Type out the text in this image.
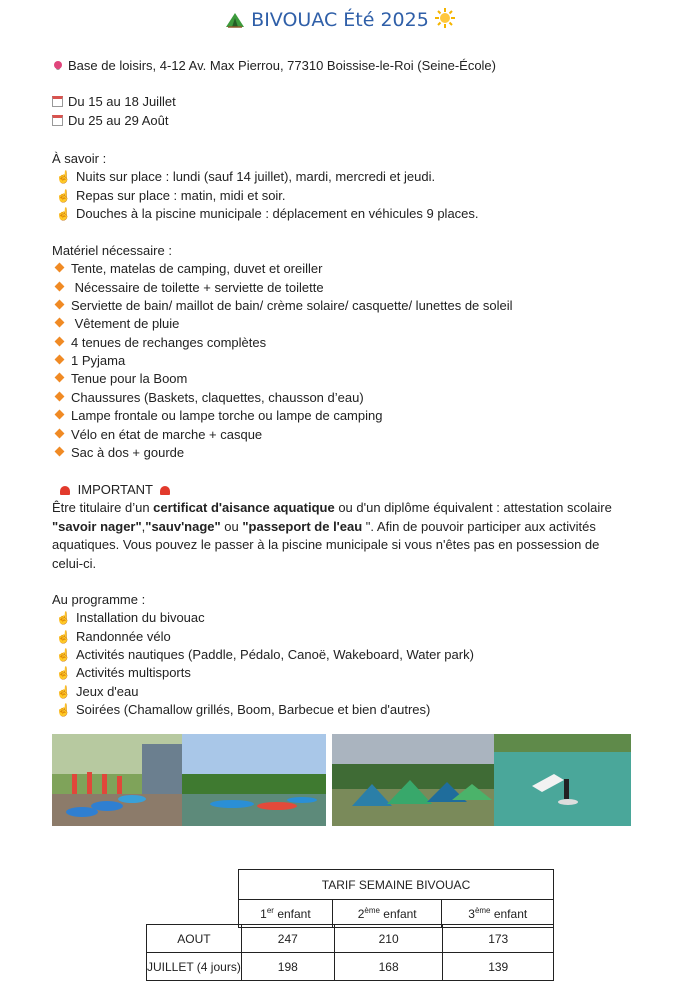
BIVOUAC Été 2025
Base de loisirs, 4-12 Av. Max Pierrou, 77310 Boissise-le-Roi (Seine-École)
Du 15 au 18 Juillet
Du 25 au 29 Août
À savoir :
☝ Nuits sur place : lundi (sauf 14 juillet), mardi, mercredi et jeudi.
☝ Repas sur place : matin, midi et soir.
☝ Douches à la piscine municipale : déplacement en véhicules 9 places.
Matériel nécessaire :
Tente, matelas de camping, duvet et oreiller
Nécessaire de toilette + serviette de toilette
Serviette de bain/ maillot de bain/ crème solaire/ casquette/ lunettes de soleil
Vêtement de pluie
4 tenues de rechanges complètes
1 Pyjama
Tenue pour la Boom
Chaussures (Baskets, claquettes, chausson d’eau)
Lampe frontale ou lampe torche ou lampe de camping
Vélo en état de marche + casque
Sac à dos + gourde
IMPORTANT
Être titulaire d’un certificat d'aisance aquatique ou d'un diplôme équivalent : attestation scolaire "savoir nager","sauv'nage" ou "passeport de l'eau ". Afin de pouvoir participer aux activités aquatiques. Vous pouvez le passer à la piscine municipale si vous n'êtes pas en possession de celui-ci.
Au programme :
☝ Installation du bivouac
☝ Randonnée vélo
☝ Activités nautiques (Paddle, Pédalo, Canoë, Wakeboard, Water park)
☝ Activités multisports
☝ Jeux d'eau
☝ Soirées (Chamallow grillés, Boom, Barbecue et bien d'autres)
TARIF SEMAINE BIVOUAC
1er enfant	2ème enfant	3ème enfant
AOUT	247	210	173
JUILLET (4 jours)	198	168	139
